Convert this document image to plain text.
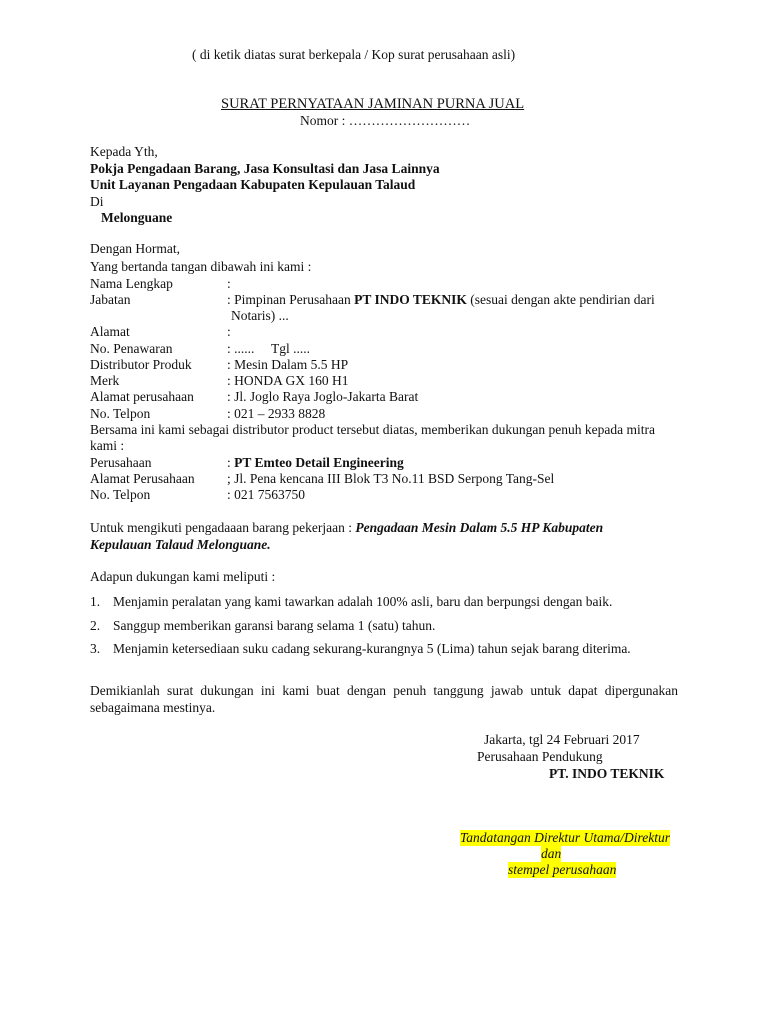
( di ketik diatas surat berkepala / Kop surat perusahaan asli)
SURAT PERNYATAAN JAMINAN PURNA JUAL
Nomor : ………………………
Kepada Yth,
Pokja Pengadaan Barang, Jasa Konsultasi dan Jasa Lainnya
Unit Layanan Pengadaan Kabupaten Kepulauan Talaud
Di
Melonguane
Dengan Hormat,
Yang bertanda tangan dibawah ini kami :
Nama Lengkap	:
Jabatan	: Pimpinan Perusahaan PT INDO TEKNIK (sesuai dengan akte pendirian dari
Notaris) ...
Alamat	:
No. Penawaran	: ......     Tgl .....
Distributor Produk	: Mesin Dalam 5.5 HP
Merk	: HONDA GX 160 H1
Alamat perusahaan : Jl. Joglo Raya Joglo-Jakarta Barat
No. Telpon	: 021 – 2933 8828
Bersama ini kami sebagai distributor product tersebut diatas, memberikan dukungan penuh kepada mitra
kami :
Perusahaan	: PT Emteo Detail Engineering
Alamat Perusahaan ; Jl. Pena kencana III Blok T3 No.11 BSD Serpong Tang-Sel
No. Telpon	: 021 7563750
Untuk mengikuti pengadaaan barang pekerjaan : Pengadaan Mesin Dalam 5.5 HP Kabupaten
Kepulauan Talaud Melonguane.
Adapun dukungan kami meliputi :
1. Menjamin peralatan yang kami tawarkan adalah 100% asli, baru dan berpungsi dengan baik.
2. Sanggup memberikan garansi barang selama 1 (satu) tahun.
3. Menjamin ketersediaan suku cadang sekurang-kurangnya 5 (Lima) tahun sejak barang diterima.
Demikianlah surat dukungan ini kami buat dengan penuh tanggung jawab untuk dapat dipergunakan sebagaimana mestinya.
Jakarta, tgl 24 Februari 2017
Perusahaan Pendukung
PT. INDO TEKNIK
Tandatangan Direktur Utama/Direktur
dan
stempel perusahaan
